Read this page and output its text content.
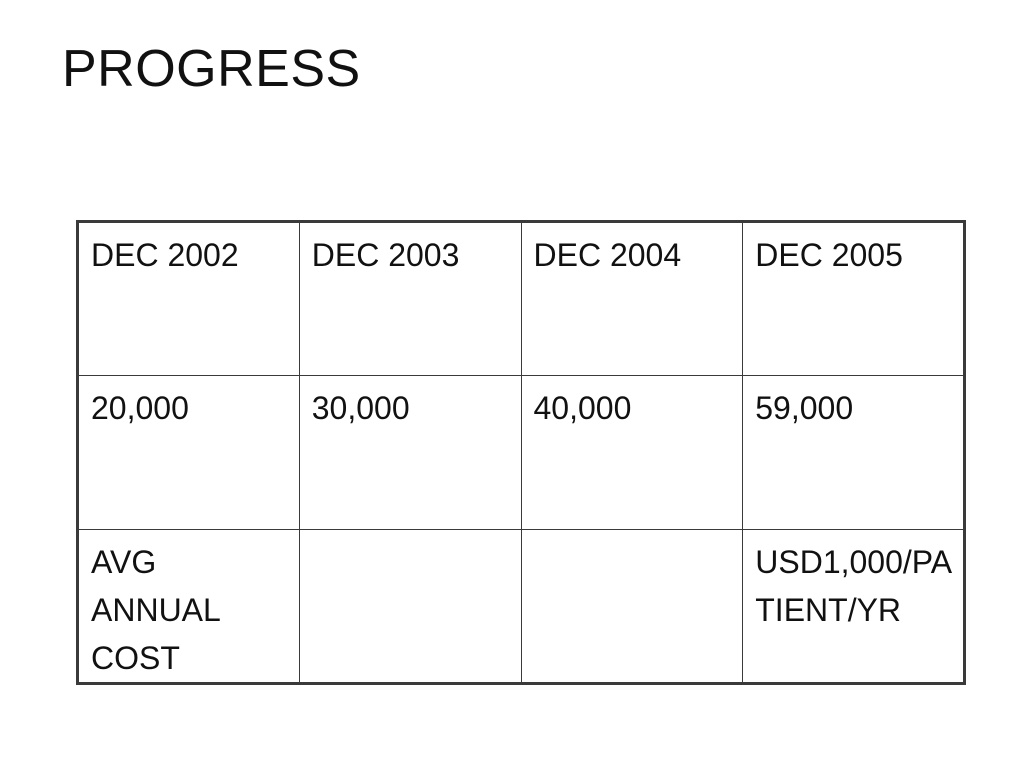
PROGRESS
DEC 2002	DEC 2003	DEC 2004	DEC 2005
20,000	30,000	40,000	59,000
AVG ANNUAL COST			USD1,000/PATIENT/YR
